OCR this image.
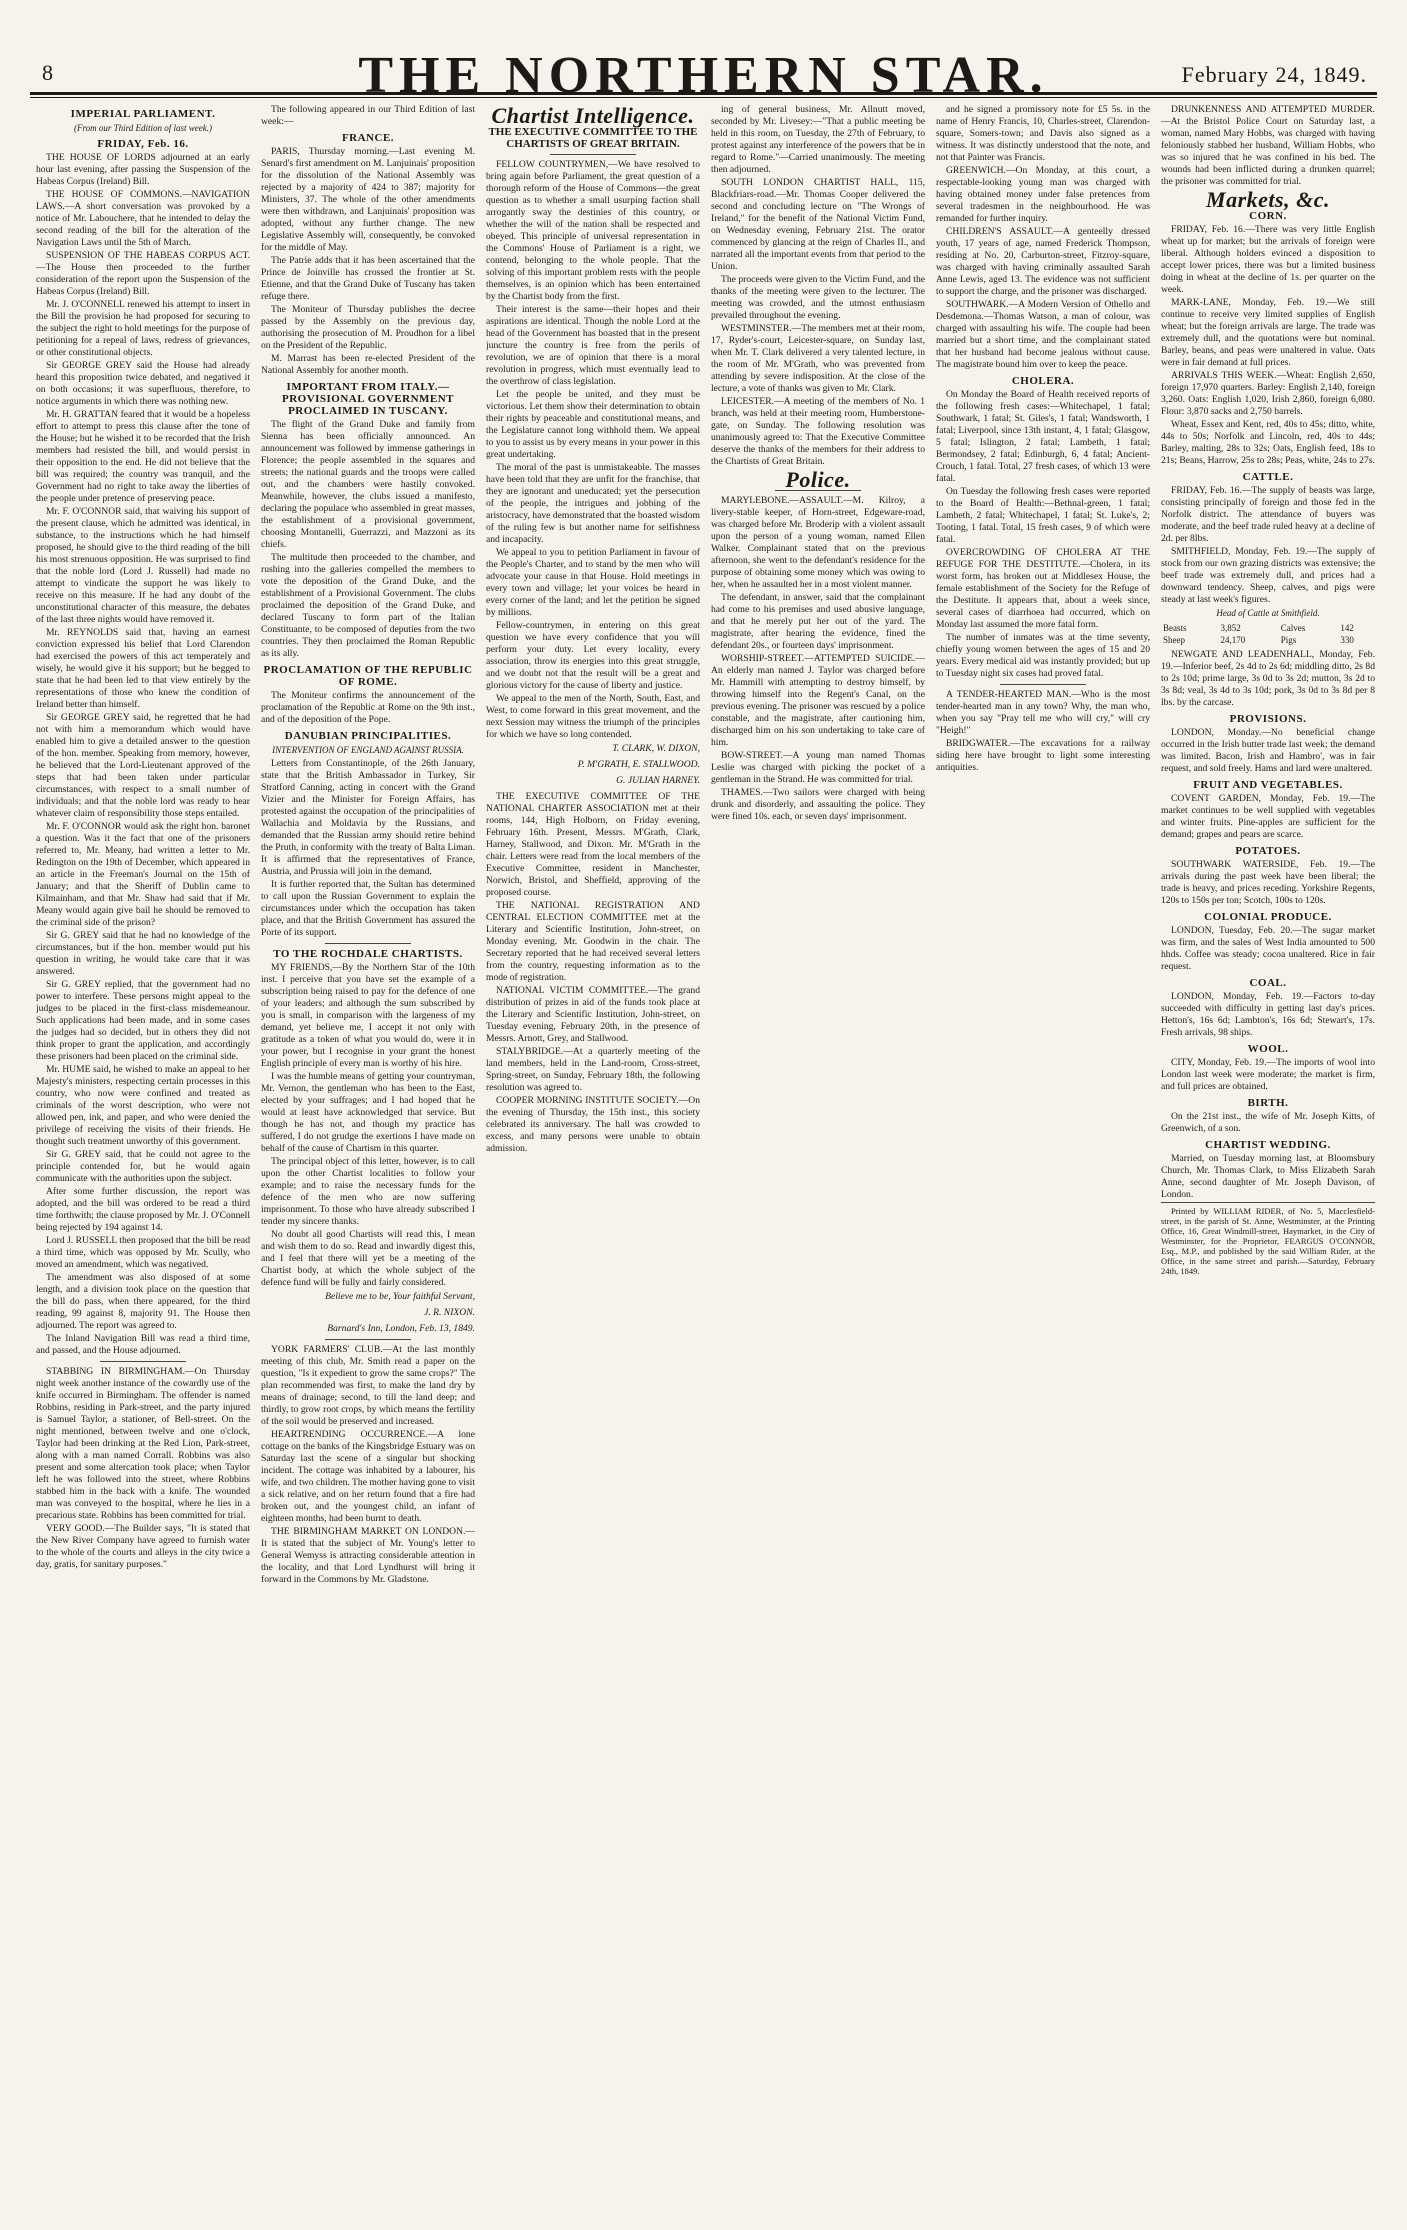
8	THE NORTHERN STAR.	February 24, 1849.
IMPERIAL PARLIAMENT.
(From our Third Edition of last week.)
FRIDAY, Feb. 16.

THE HOUSE OF LORDS adjourned at an early hour last evening, after passing the Suspension of the Habeas Corpus (Ireland) Bill.

THE HOUSE OF COMMONS.—NAVIGATION LAWS.—A short conversation was provoked by a notice of Mr. Labouchere, that he intended to delay the second reading of the bill for the alteration of the Navigation Laws until the 5th of March.

SUSPENSION OF THE HABEAS CORPUS ACT.—The House then proceeded to the further consideration of the report upon the Suspension of the Habeas Corpus (Ireland) Bill.

Mr. J. O'CONNELL renewed his attempt to insert in the Bill the provision he had proposed for securing to the subject the right to hold meetings for the purpose of petitioning for a repeal of laws, redress of grievances, or other constitutional objects.

Sir GEORGE GREY said the House had already heard this proposition twice debated, and negatived it on both occasions; it was superfluous, therefore, to notice arguments in which there was nothing new.

Mr. H. GRATTAN feared that it would be a hopeless effort to attempt to press this clause after the tone of the House; but he wished it to be recorded that the Irish members had resisted the bill, and would persist in their opposition to the end. He did not believe that the bill was required; the country was tranquil, and the Government had no right to take away the liberties of the people under pretence of preserving peace.

Mr. F. O'CONNOR said, that waiving his support of the present clause, which he admitted was identical, in substance, to the instructions which he had himself proposed, he should give to the third reading of the bill his most strenuous opposition. He was surprised to find that the noble lord (Lord J. Russell) had made no attempt to vindicate the support he was likely to receive on this measure. If he had any doubt of the unconstitutional character of this measure, the debates of the last three nights would have removed it.

Mr. REYNOLDS said that, having an earnest conviction expressed his belief that Lord Clarendon had exercised the powers of this act temperately and wisely, he would give it his support; but he begged to state that he had been led to that view entirely by the representations of those who knew the condition of Ireland better than himself.

Sir GEORGE GREY said, he regretted that he had not with him a memorandum which would have enabled him to give a detailed answer to the question of the hon. member. Speaking from memory, however, he believed that the Lord-Lieutenant approved of the steps that had been taken under particular circumstances, with respect to a small number of individuals; and that the noble lord was ready to hear whatever claim of responsibility those steps entailed.

Mr. F. O'CONNOR would ask the right hon. baronet a question. Was it the fact that one of the prisoners referred to, Mr. Meany, had written a letter to Mr. Redington on the 19th of December, which appeared in an article in the Freeman's Journal on the 15th of January; and that the Sheriff of Dublin came to Kilmainham, and that Mr. Shaw had said that if Mr. Meany would again give bail he should be removed to the criminal side of the prison?

Sir G. GREY said that he had no knowledge of the circumstances, but if the hon. member would put his question in writing, he would take care that it was answered.

Sir G. GREY replied, that the government had no power to interfere. These persons might appeal to the judges to be placed in the first-class misdemeanour. Such applications had been made, and in some cases the judges had so decided, but in others they did not think proper to grant the application, and accordingly these prisoners had been placed on the criminal side.

Mr. HUME said, he wished to make an appeal to her Majesty's ministers, respecting certain processes in this country, who now were confined and treated as criminals of the worst description, who were not allowed pen, ink, and paper, and who were denied the privilege of receiving the visits of their friends. He thought such treatment unworthy of this government.

Sir G. GREY said, that he could not agree to the principle contended for, but he would again communicate with the authorities upon the subject.

After some further discussion, the report was adopted, and the bill was ordered to be read a third time forthwith; the clause proposed by Mr. J. O'Connell being rejected by 194 against 14.

Lord J. RUSSELL then proposed that the bill be read a third time, which was opposed by Mr. Scully, who moved an amendment, which was negatived.

The amendment was also disposed of at some length, and a division took place on the question that the bill do pass, when there appeared, for the third reading, 99 against 8, majority 91. The House then adjourned. The report was agreed to.

The Inland Navigation Bill was read a third time, and passed, and the House adjourned.

STABBING IN BIRMINGHAM.—On Thursday night week another instance of the cowardly use of the knife occurred in Birmingham. The offender is named Robbins, residing in Park-street, and the party injured is Samuel Taylor, a stationer, of Bell-street. On the night mentioned, between twelve and one o'clock, Taylor had been drinking at the Red Lion, Park-street, along with a man named Corrall. Robbins was also present and some altercation took place; when Taylor left he was followed into the street, where Robbins stabbed him in the back with a knife. The wounded man was conveyed to the hospital, where he lies in a precarious state. Robbins has been committed for trial.

VERY GOOD.—The Builder says, "It is stated that the New River Company have agreed to furnish water to the whole of the courts and alleys in the city twice a day, gratis, for sanitary purposes."

The following appeared in our Third Edition of last week:—

FRANCE.

PARIS, Thursday morning.—Last evening M. Senard's first amendment on M. Lanjuinais' proposition for the dissolution of the National Assembly was rejected by a majority of 424 to 387; majority for Ministers, 37. The whole of the other amendments were then withdrawn, and Lanjuinais' proposition was adopted, without any further change. The new Legislative Assembly will, consequently, be convoked for the middle of May.

The Patrie adds that it has been ascertained that the Prince de Joinville has crossed the frontier at St. Etienne, and that the Grand Duke of Tuscany has taken refuge there.

The Moniteur of Thursday publishes the decree passed by the Assembly on the previous day, authorising the prosecution of M. Proudhon for a libel on the President of the Republic.

M. Marrast has been re-elected President of the National Assembly for another month.

IMPORTANT FROM ITALY.—PROVISIONAL GOVERNMENT PROCLAIMED IN TUSCANY.

The flight of the Grand Duke and family from Sienna has been officially announced. An announcement was followed by immense gatherings in Florence; the people assembled in the squares and streets; the national guards and the troops were called out, and the chambers were hastily convoked. Meanwhile, however, the clubs issued a manifesto, declaring the populace who assembled in great masses, the establishment of a provisional government, choosing Montanelli, Guerrazzi, and Mazzoni as its chiefs.

The multitude then proceeded to the chamber, and rushing into the galleries compelled the members to vote the deposition of the Grand Duke, and the establishment of a Provisional Government. The clubs proclaimed the deposition of the Grand Duke, and declared Tuscany to form part of the Italian Constituante, to be composed of deputies from the two countries. They then proclaimed the Roman Republic as its ally.

PROCLAMATION OF THE REPUBLIC OF ROME.

The Moniteur confirms the announcement of the proclamation of the Republic at Rome on the 9th inst., and of the deposition of the Pope.

DANUBIAN PRINCIPALITIES.
INTERVENTION OF ENGLAND AGAINST RUSSIA.

Letters from Constantinople, of the 26th January, state that the British Ambassador in Turkey, Sir Stratford Canning, acting in concert with the Grand Vizier and the Minister for Foreign Affairs, has protested against the occupation of the principalities of Wallachia and Moldavia by the Russians, and demanded that the Russian army should retire behind the Pruth, in conformity with the treaty of Balta Liman. It is affirmed that the representatives of France, Austria, and Prussia will join in the demand.

It is further reported that, the Sultan has determined to call upon the Russian Government to explain the circumstances under which the occupation has taken place, and that the British Government has assured the Porte of its support.

TO THE ROCHDALE CHARTISTS.

MY FRIENDS,—By the Northern Star of the 10th inst. I perceive that you have set the example of a subscription being raised to pay for the defence of one of your leaders; and although the sum subscribed by you is small, in comparison with the largeness of my demand, yet believe me, I accept it not only with gratitude as a token of what you would do, were it in your power, but I recognise in your grant the honest English principle of every man is worthy of his hire.

I was the humble means of getting your countryman, Mr. Vernon, the gentleman who has been to the East, elected by your suffrages; and I had hoped that he would at least have acknowledged that service. But though he has not, and though my practice has suffered, I do not grudge the exertions I have made on behalf of the cause of Chartism in this quarter.

The principal object of this letter, however, is to call upon the other Chartist localities to follow your example; and to raise the necessary funds for the defence of the men who are now suffering imprisonment. To those who have already subscribed I tender my sincere thanks.

No doubt all good Chartists will read this, I mean and wish them to do so. Read and inwardly digest this, and I feel that there will yet be a meeting of the Chartist body, at which the whole subject of the defence fund will be fully and fairly considered.

Believe me to be, Your faithful Servant,
J. R. NIXON.
Barnard's Inn, London, Feb. 13, 1849.

YORK FARMERS' CLUB.—At the last monthly meeting of this club, Mr. Smith read a paper on the question, "Is it expedient to grow the same crops?" The plan recommended was first, to make the land dry by means of drainage; second, to till the land deep; and thirdly, to grow root crops, by which means the fertility of the soil would be preserved and increased.

HEARTRENDING OCCURRENCE.—A lone cottage on the banks of the Kingsbridge Estuary was on Saturday last the scene of a singular but shocking incident. The cottage was inhabited by a labourer, his wife, and two children. The mother having gone to visit a sick relative, and on her return found that a fire had broken out, and the youngest child, an infant of eighteen months, had been burnt to death.

THE BIRMINGHAM MARKET ON LONDON.—It is stated that the subject of Mr. Young's letter to General Wemyss is attracting considerable attention in the locality, and that Lord Lyndhurst will bring it forward in the Commons by Mr. Gladstone.

Chartist Intelligence.
THE EXECUTIVE COMMITTEE TO THE CHARTISTS OF GREAT BRITAIN.

FELLOW COUNTRYMEN,—We have resolved to bring again before Parliament, the great question of a thorough reform of the House of Commons—the great question as to whether a small usurping faction shall arrogantly sway the destinies of this country, or whether the will of the nation shall be respected and obeyed. This principle of universal representation in the Commons' House of Parliament is a right, we contend, belonging to the whole people. That the solving of this important problem rests with the people themselves, is an opinion which has been entertained by the Chartist body from the first.

Their interest is the same—their hopes and their aspirations are identical. Though the noble Lord at the head of the Government has boasted that in the present juncture the country is free from the perils of revolution, we are of opinion that there is a moral revolution in progress, which must eventually lead to the overthrow of class legislation.

Let the people be united, and they must be victorious. Let them show their determination to obtain their rights by peaceable and constitutional means, and the Legislature cannot long withhold them. We appeal to you to assist us by every means in your power in this great undertaking.

The moral of the past is unmistakeable. The masses have been told that they are unfit for the franchise, that they are ignorant and uneducated; yet the persecution of the people, the intrigues and jobbing of the aristocracy, have demonstrated that the boasted wisdom of the ruling few is but another name for selfishness and incapacity.

We appeal to you to petition Parliament in favour of the People's Charter, and to stand by the men who will advocate your cause in that House. Hold meetings in every town and village; let your voices be heard in every corner of the land; and let the petition be signed by millions.

Fellow-countrymen, in entering on this great question we have every confidence that you will perform your duty. Let every locality, every association, throw its energies into this great struggle, and we doubt not that the result will be a great and glorious victory for the cause of liberty and justice.

We appeal to the men of the North, South, East, and West, to come forward in this great movement, and the next Session may witness the triumph of the principles for which we have so long contended.

T. CLARK, W. DIXON,
P. M'GRATH, E. STALLWOOD.
G. JULIAN HARNEY.

THE EXECUTIVE COMMITTEE OF THE NATIONAL CHARTER ASSOCIATION met at their rooms, 144, High Holborn, on Friday evening, February 16th. Present, Messrs. M'Grath, Clark, Harney, Stallwood, and Dixon. Mr. M'Grath in the chair. Letters were read from the local members of the Executive Committee, resident in Manchester, Norwich, Bristol, and Sheffield, approving of the proposed course.

THE NATIONAL REGISTRATION AND CENTRAL ELECTION COMMITTEE met at the Literary and Scientific Institution, John-street, on Monday evening. Mr. Goodwin in the chair. The Secretary reported that he had received several letters from the country, requesting information as to the mode of registration.

NATIONAL VICTIM COMMITTEE.—The grand distribution of prizes in aid of the funds took place at the Literary and Scientific Institution, John-street, on Tuesday evening, February 20th, in the presence of Messrs. Arnott, Grey, and Stallwood.

STALYBRIDGE.—At a quarterly meeting of the land members, held in the Land-room, Cross-street, Spring-street, on Sunday, February 18th, the following resolution was agreed to.

COOPER MORNING INSTITUTE SOCIETY.—On the evening of Thursday, the 15th inst., this society celebrated its anniversary. The hall was crowded to excess, and many persons were unable to obtain admission.

ing of general business, Mr. Allnutt moved, seconded by Mr. Livesey:—"That a public meeting be held in this room, on Tuesday, the 27th of February, to protest against any interference of the powers that be in regard to Rome."—Carried unanimously. The meeting then adjourned.

SOUTH LONDON CHARTIST HALL, 115, Blackfriars-road.—Mr. Thomas Cooper delivered the second and concluding lecture on "The Wrongs of Ireland," for the benefit of the National Victim Fund, on Wednesday evening, February 21st. The orator commenced by glancing at the reign of Charles II., and narrated all the important events from that period to the Union.

The proceeds were given to the Victim Fund, and the thanks of the meeting were given to the lecturer. The meeting was crowded, and the utmost enthusiasm prevailed throughout the evening.

WESTMINSTER.—The members met at their room, 17, Ryder's-court, Leicester-square, on Sunday last, when Mr. T. Clark delivered a very talented lecture, in the room of Mr. M'Grath, who was prevented from attending by severe indisposition. At the close of the lecture, a vote of thanks was given to Mr. Clark.

LEICESTER.—A meeting of the members of No. 1 branch, was held at their meeting room, Humberstone-gate, on Sunday. The following resolution was unanimously agreed to: That the Executive Committee deserve the thanks of the members for their address to the Chartists of Great Britain.

Police.

MARYLEBONE.—ASSAULT.—M. Kilroy, a livery-stable keeper, of Horn-street, Edgeware-road, was charged before Mr. Broderip with a violent assault upon the person of a young woman, named Ellen Walker. Complainant stated that on the previous afternoon, she went to the defendant's residence for the purpose of obtaining some money which was owing to her, when he assaulted her in a most violent manner.

The defendant, in answer, said that the complainant had come to his premises and used abusive language, and that he merely put her out of the yard. The magistrate, after hearing the evidence, fined the defendant 20s., or fourteen days' imprisonment.

WORSHIP-STREET.—ATTEMPTED SUICIDE.—An elderly man named J. Taylor was charged before Mr. Hammill with attempting to destroy himself, by throwing himself into the Regent's Canal, on the previous evening. The prisoner was rescued by a police constable, and the magistrate, after cautioning him, discharged him on his son undertaking to take care of him.

BOW-STREET.—A young man named Thomas Leslie was charged with picking the pocket of a gentleman in the Strand. He was committed for trial.

THAMES.—Two sailors were charged with being drunk and disorderly, and assaulting the police. They were fined 10s. each, or seven days' imprisonment.

and he signed a promissory note for £5 5s. in the name of Henry Francis, 10, Charles-street, Clarendon-square, Somers-town; and Davis also signed as a witness. It was distinctly understood that the note, and not that Painter was Francis.

GREENWICH.—On Monday, at this court, a respectable-looking young man was charged with having obtained money under false pretences from several tradesmen in the neighbourhood. He was remanded for further inquiry.

CHILDREN'S ASSAULT.—A genteelly dressed youth, 17 years of age, named Frederick Thompson, residing at No. 20, Carburton-street, Fitzroy-square, was charged with having criminally assaulted Sarah Anne Lewis, aged 13. The evidence was not sufficient to support the charge, and the prisoner was discharged.

SOUTHWARK.—A Modern Version of Othello and Desdemona.—Thomas Watson, a man of colour, was charged with assaulting his wife. The couple had been married but a short time, and the complainant stated that her husband had become jealous without cause. The magistrate bound him over to keep the peace.

CHOLERA.

On Monday the Board of Health received reports of the following fresh cases:—Whitechapel, 1 fatal; Southwark, 1 fatal; St. Giles's, 1 fatal; Wandsworth, 1 fatal; Liverpool, since 13th instant, 4, 1 fatal; Glasgow, 5 fatal; Islington, 2 fatal; Lambeth, 1 fatal; Bermondsey, 2 fatal; Edinburgh, 6, 4 fatal; Ancient-Crouch, 1 fatal. Total, 27 fresh cases, of which 13 were fatal.

On Tuesday the following fresh cases were reported to the Board of Health:—Bethnal-green, 1 fatal; Lambeth, 2 fatal; Whitechapel, 1 fatal; St. Luke's, 2; Tooting, 1 fatal. Total, 15 fresh cases, 9 of which were fatal.

OVERCROWDING OF CHOLERA AT THE REFUGE FOR THE DESTITUTE.—Cholera, in its worst form, has broken out at Middlesex House, the female establishment of the Society for the Refuge of the Destitute. It appears that, about a week since, several cases of diarrhoea had occurred, which on Monday last assumed the more fatal form.

The number of inmates was at the time seventy, chiefly young women between the ages of 15 and 20 years. Every medical aid was instantly provided; but up to Tuesday night six cases had proved fatal.

A TENDER-HEARTED MAN.—Who is the most tender-hearted man in any town? Why, the man who, when you say "Pray tell me who will cry," will cry "Heigh!"

BRIDGWATER.—The excavations for a railway siding here have brought to light some interesting antiquities.

DRUNKENNESS AND ATTEMPTED MURDER.—At the Bristol Police Court on Saturday last, a woman, named Mary Hobbs, was charged with having feloniously stabbed her husband, William Hobbs, who was so injured that he was confined in his bed. The wounds had been inflicted during a drunken quarrel; the prisoner was committed for trial.

Markets, &c.
CORN.

FRIDAY, Feb. 16.—There was very little English wheat up for market; but the arrivals of foreign were liberal. Although holders evinced a disposition to accept lower prices, there was but a limited business doing in wheat at the decline of 1s. per quarter on the week.

MARK-LANE, Monday, Feb. 19.—We still continue to receive very limited supplies of English wheat; but the foreign arrivals are large. The trade was extremely dull, and the quotations were but nominal. Barley, beans, and peas were unaltered in value. Oats were in fair demand at full prices.

ARRIVALS THIS WEEK.—Wheat: English 2,650, foreign 17,970 quarters. Barley: English 2,140, foreign 3,260. Oats: English 1,020, Irish 2,860, foreign 6,080. Flour: 3,870 sacks and 2,750 barrels.

Wheat, Essex and Kent, red, 40s to 45s; ditto, white, 44s to 50s; Norfolk and Lincoln, red, 40s to 44s; Barley, malting, 28s to 32s; Oats, English feed, 18s to 21s; Beans, Harrow, 25s to 28s; Peas, white, 24s to 27s.

CATTLE.

FRIDAY, Feb. 16.—The supply of beasts was large, consisting principally of foreign and those fed in the Norfolk district. The attendance of buyers was moderate, and the beef trade ruled heavy at a decline of 2d. per 8lbs.

SMITHFIELD, Monday, Feb. 19.—The supply of stock from our own grazing districts was extensive; the beef trade was extremely dull, and prices had a downward tendency. Sheep, calves, and pigs were steady at last week's figures.

Head of Cattle at Smithfield.
Beasts	3,852	Calves	142
Sheep	24,170	Pigs	330

NEWGATE AND LEADENHALL, Monday, Feb. 19.—Inferior beef, 2s 4d to 2s 6d; middling ditto, 2s 8d to 2s 10d; prime large, 3s 0d to 3s 2d; mutton, 3s 2d to 3s 8d; veal, 3s 4d to 3s 10d; pork, 3s 0d to 3s 8d per 8 lbs. by the carcase.

PROVISIONS.

LONDON, Monday.—No beneficial change occurred in the Irish butter trade last week; the demand was limited. Bacon, Irish and Hambro', was in fair request, and sold freely. Hams and lard were unaltered.

FRUIT AND VEGETABLES.

COVENT GARDEN, Monday, Feb. 19.—The market continues to be well supplied with vegetables and winter fruits. Pine-apples are sufficient for the demand; grapes and pears are scarce.

POTATOES.

SOUTHWARK WATERSIDE, Feb. 19.—The arrivals during the past week have been liberal; the trade is heavy, and prices receding. Yorkshire Regents, 120s to 150s per ton; Scotch, 100s to 120s.

COLONIAL PRODUCE.

LONDON, Tuesday, Feb. 20.—The sugar market was firm, and the sales of West India amounted to 500 hhds. Coffee was steady; cocoa unaltered. Rice in fair request.

COAL.

LONDON, Monday, Feb. 19.—Factors to-day succeeded with difficulty in getting last day's prices. Hetton's, 16s 6d; Lambton's, 16s 6d; Stewart's, 17s. Fresh arrivals, 98 ships.

WOOL.

CITY, Monday, Feb. 19.—The imports of wool into London last week were moderate; the market is firm, and full prices are obtained.

BIRTH.

On the 21st inst., the wife of Mr. Joseph Kitts, of Greenwich, of a son.

CHARTIST WEDDING.

Married, on Tuesday morning last, at Bloomsbury Church, Mr. Thomas Clark, to Miss Elizabeth Sarah Anne, second daughter of Mr. Joseph Davison, of London.

Printed by WILLIAM RIDER, of No. 5, Macclesfield-street, in the parish of St. Anne, Westminster, at the Printing Office, 16, Great Windmill-street, Haymarket, in the City of Westminster, for the Proprietor, FEARGUS O'CONNOR, Esq., M.P., and published by the said William Rider, at the Office, in the same street and parish.—Saturday, February 24th, 1849.
